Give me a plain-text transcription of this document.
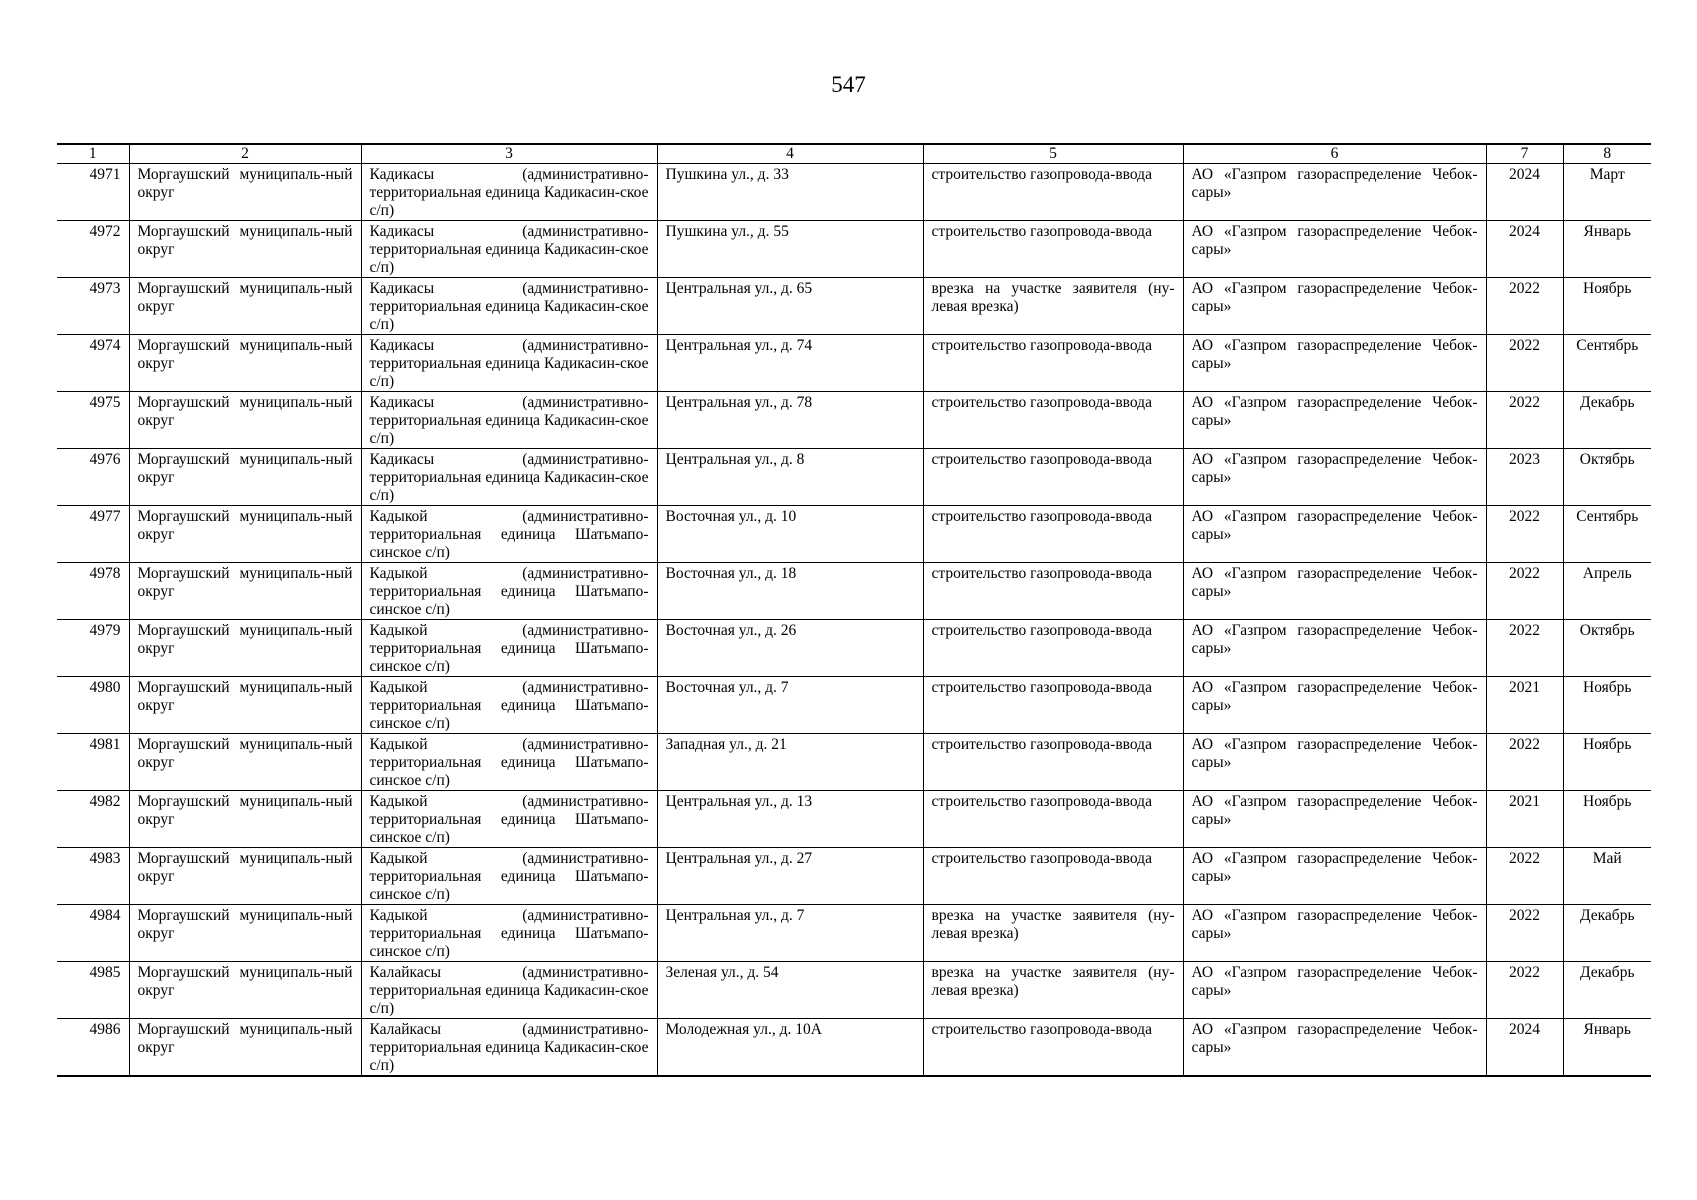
547
1	2	3	4	5	6	7	8
4971	Моргаушский муниципаль-ный округ	Кадикасы (административно-территориальная единица Кадикасин-ское с/п)	Пушкина ул., д. 33	строительство газопровода-ввода	АО «Газпром газораспределение Чебок-сары»	2024	Март
4972	Моргаушский муниципаль-ный округ	Кадикасы (административно-территориальная единица Кадикасин-ское с/п)	Пушкина ул., д. 55	строительство газопровода-ввода	АО «Газпром газораспределение Чебок-сары»	2024	Январь
4973	Моргаушский муниципаль-ный округ	Кадикасы (административно-территориальная единица Кадикасин-ское с/п)	Центральная ул., д. 65	врезка на участке заявителя (ну-левая врезка)	АО «Газпром газораспределение Чебок-сары»	2022	Ноябрь
4974	Моргаушский муниципаль-ный округ	Кадикасы (административно-территориальная единица Кадикасин-ское с/п)	Центральная ул., д. 74	строительство газопровода-ввода	АО «Газпром газораспределение Чебок-сары»	2022	Сентябрь
4975	Моргаушский муниципаль-ный округ	Кадикасы (административно-территориальная единица Кадикасин-ское с/п)	Центральная ул., д. 78	строительство газопровода-ввода	АО «Газпром газораспределение Чебок-сары»	2022	Декабрь
4976	Моргаушский муниципаль-ный округ	Кадикасы (административно-территориальная единица Кадикасин-ское с/п)	Центральная ул., д. 8	строительство газопровода-ввода	АО «Газпром газораспределение Чебок-сары»	2023	Октябрь
4977	Моргаушский муниципаль-ный округ	Кадыкой (административно-территориальная единица Шатьмапо-синское с/п)	Восточная ул., д. 10	строительство газопровода-ввода	АО «Газпром газораспределение Чебок-сары»	2022	Сентябрь
4978	Моргаушский муниципаль-ный округ	Кадыкой (административно-территориальная единица Шатьмапо-синское с/п)	Восточная ул., д. 18	строительство газопровода-ввода	АО «Газпром газораспределение Чебок-сары»	2022	Апрель
4979	Моргаушский муниципаль-ный округ	Кадыкой (административно-территориальная единица Шатьмапо-синское с/п)	Восточная ул., д. 26	строительство газопровода-ввода	АО «Газпром газораспределение Чебок-сары»	2022	Октябрь
4980	Моргаушский муниципаль-ный округ	Кадыкой (административно-территориальная единица Шатьмапо-синское с/п)	Восточная ул., д. 7	строительство газопровода-ввода	АО «Газпром газораспределение Чебок-сары»	2021	Ноябрь
4981	Моргаушский муниципаль-ный округ	Кадыкой (административно-территориальная единица Шатьмапо-синское с/п)	Западная ул., д. 21	строительство газопровода-ввода	АО «Газпром газораспределение Чебок-сары»	2022	Ноябрь
4982	Моргаушский муниципаль-ный округ	Кадыкой (административно-территориальная единица Шатьмапо-синское с/п)	Центральная ул., д. 13	строительство газопровода-ввода	АО «Газпром газораспределение Чебок-сары»	2021	Ноябрь
4983	Моргаушский муниципаль-ный округ	Кадыкой (административно-территориальная единица Шатьмапо-синское с/п)	Центральная ул., д. 27	строительство газопровода-ввода	АО «Газпром газораспределение Чебок-сары»	2022	Май
4984	Моргаушский муниципаль-ный округ	Кадыкой (административно-территориальная единица Шатьмапо-синское с/п)	Центральная ул., д. 7	врезка на участке заявителя (ну-левая врезка)	АО «Газпром газораспределение Чебок-сары»	2022	Декабрь
4985	Моргаушский муниципаль-ный округ	Калайкасы (административно-территориальная единица Кадикасин-ское с/п)	Зеленая ул., д. 54	врезка на участке заявителя (ну-левая врезка)	АО «Газпром газораспределение Чебок-сары»	2022	Декабрь
4986	Моргаушский муниципаль-ный округ	Калайкасы (административно-территориальная единица Кадикасин-ское с/п)	Молодежная ул., д. 10А	строительство газопровода-ввода	АО «Газпром газораспределение Чебок-сары»	2024	Январь
